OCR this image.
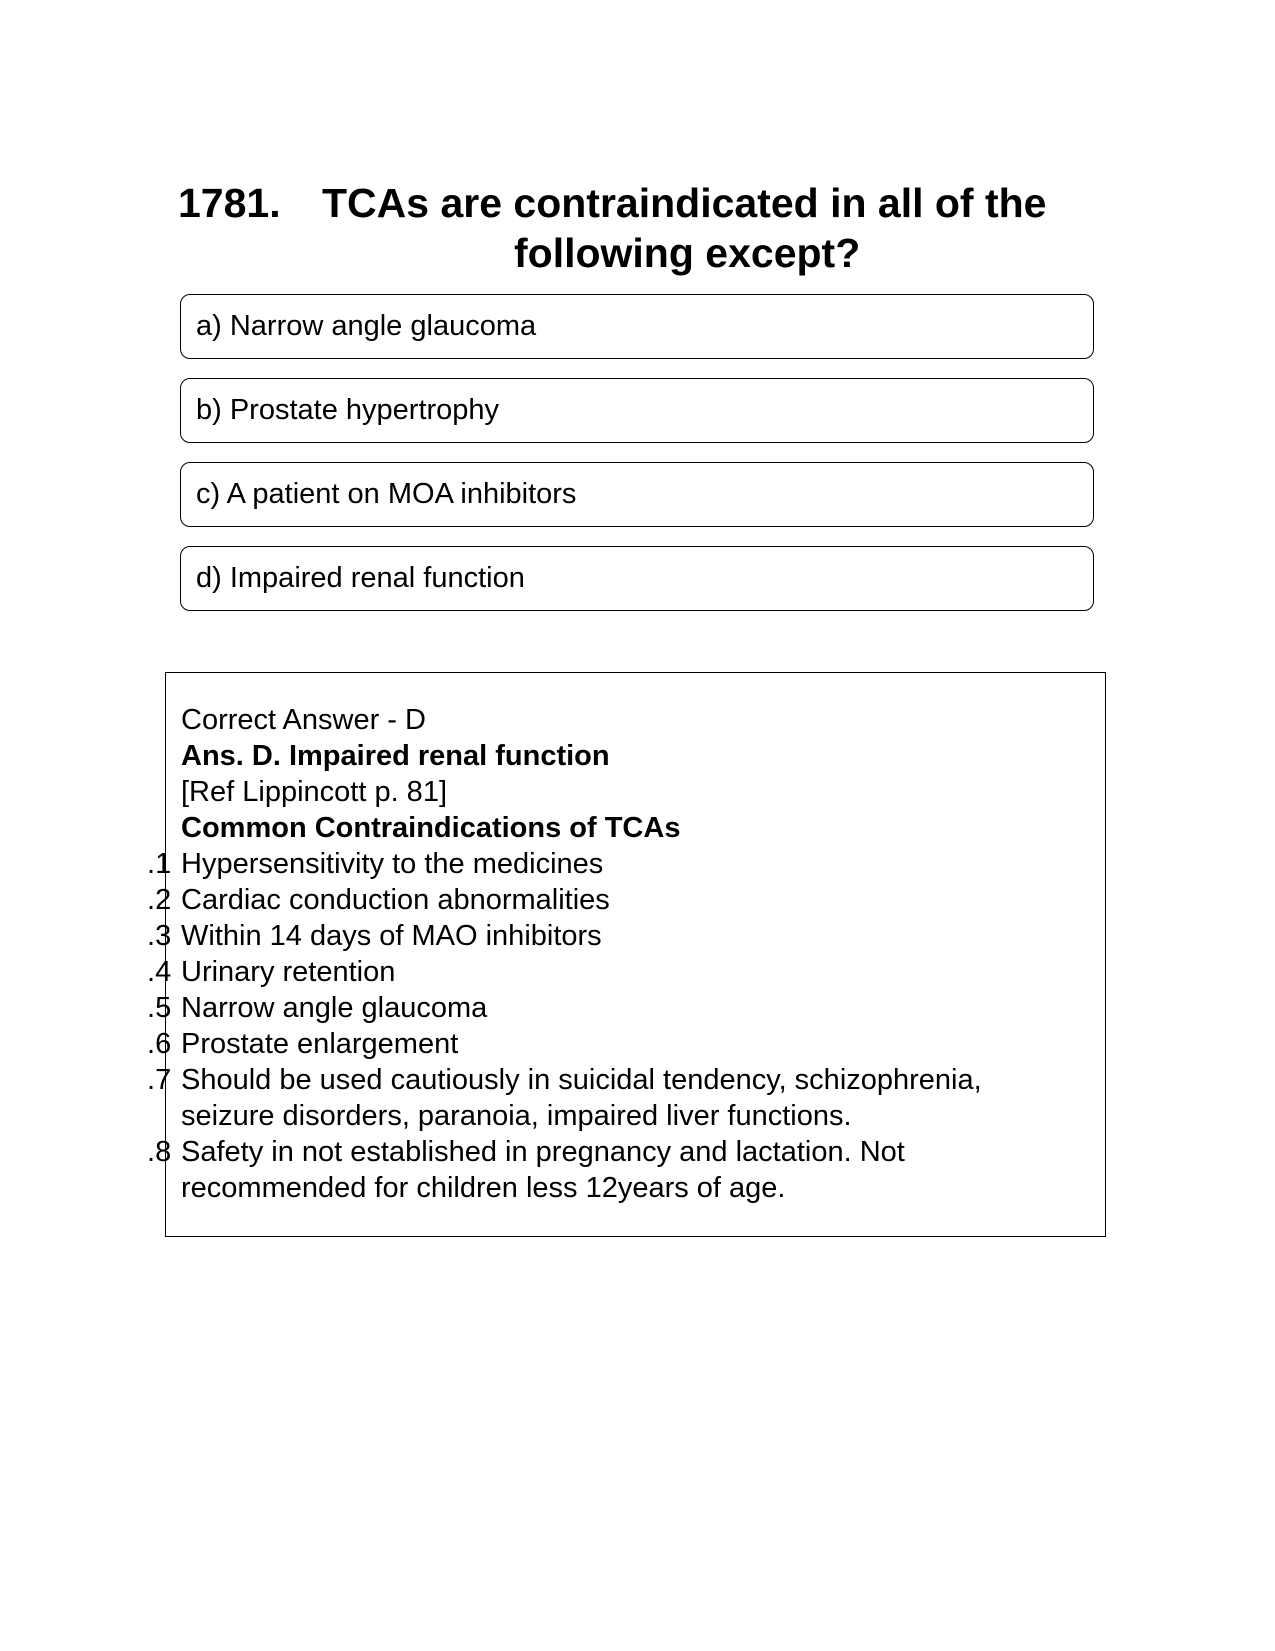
1781. TCAs are contraindicated in all of the
following except?
a) Narrow angle glaucoma
b) Prostate hypertrophy
c) A patient on MOA inhibitors
d) Impaired renal function
Correct Answer - D
Ans. D. Impaired renal function
[Ref Lippincott p. 81]
Common Contraindications of TCAs
1. Hypersensitivity to the medicines
2. Cardiac conduction abnormalities
3. Within 14 days of MAO inhibitors
4. Urinary retention
5. Narrow angle glaucoma
6. Prostate enlargement
7. Should be used cautiously in suicidal tendency, schizophrenia, seizure disorders, paranoia, impaired liver functions.
8. Safety in not established in pregnancy and lactation. Not recommended for children less 12years of age.
